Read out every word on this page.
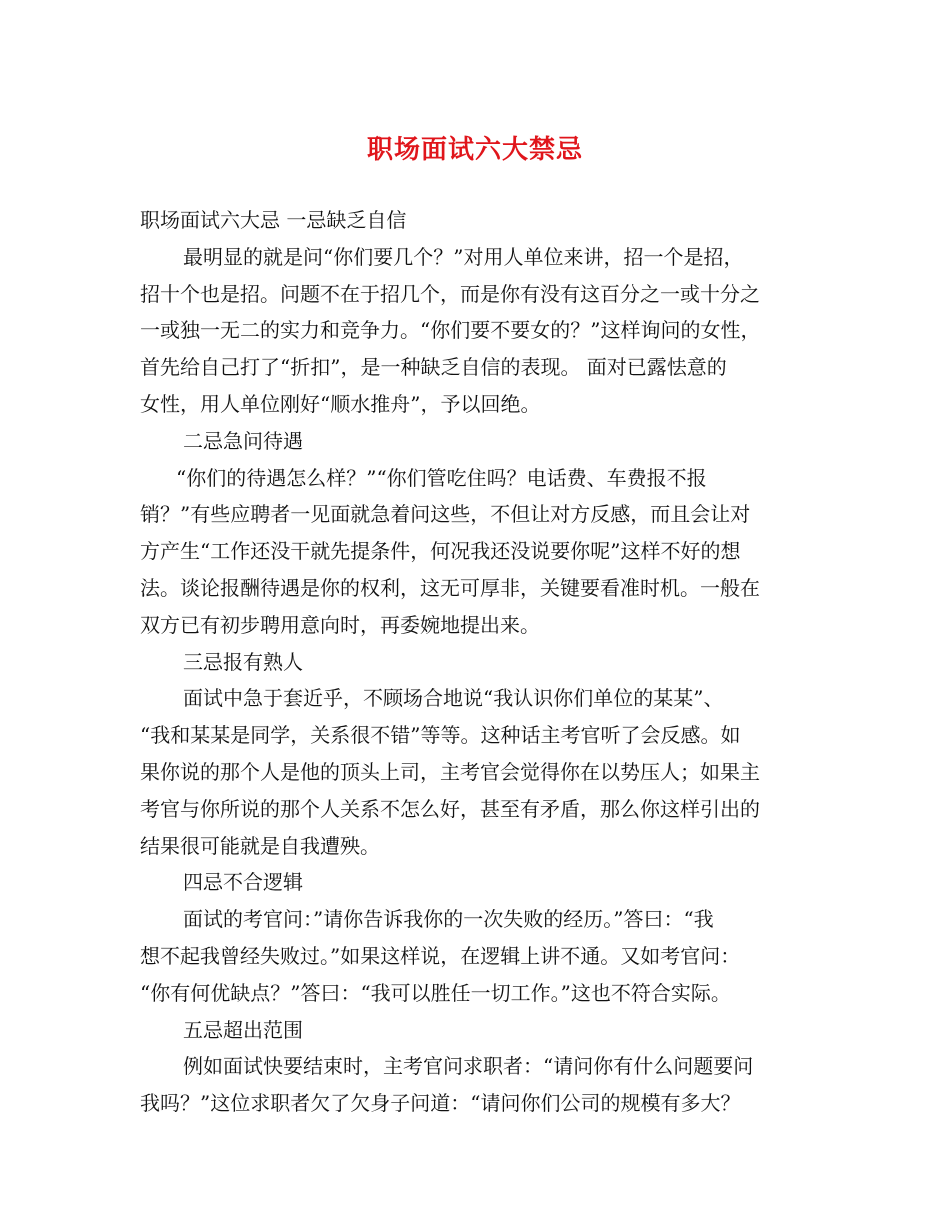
职场面试六大禁忌
职场面试六大忌 一忌缺乏自信
最明显的就是问“你们要几个？”对用人单位来讲，招一个是招，
招十个也是招。问题不在于招几个，而是你有没有这百分之一或十分之
一或独一无二的实力和竞争力。“你们要不要女的？”这样询问的女性，
首先给自己打了“折扣”，是一种缺乏自信的表现。 面对已露怯意的
女性，用人单位刚好“顺水推舟”，予以回绝。
二忌急问待遇
“你们的待遇怎么样？”“你们管吃住吗？电话费、车费报不报
销？”有些应聘者一见面就急着问这些，不但让对方反感，而且会让对
方产生“工作还没干就先提条件，何况我还没说要你呢”这样不好的想
法。谈论报酬待遇是你的权利，这无可厚非，关键要看准时机。一般在
双方已有初步聘用意向时，再委婉地提出来。
三忌报有熟人
面试中急于套近乎，不顾场合地说“我认识你们单位的某某”、
“我和某某是同学，关系很不错”等等。这种话主考官听了会反感。如
果你说的那个人是他的顶头上司，主考官会觉得你在以势压人；如果主
考官与你所说的那个人关系不怎么好，甚至有矛盾，那么你这样引出的
结果很可能就是自我遭殃。
四忌不合逻辑
面试的考官问：”请你告诉我你的一次失败的经历。”答曰：“我
想不起我曾经失败过。”如果这样说，在逻辑上讲不通。又如考官问：
“你有何优缺点？”答曰：“我可以胜任一切工作。”这也不符合实际。
五忌超出范围
例如面试快要结束时，主考官问求职者：“请问你有什么问题要问
我吗？”这位求职者欠了欠身子问道：“请问你们公司的规模有多大？
